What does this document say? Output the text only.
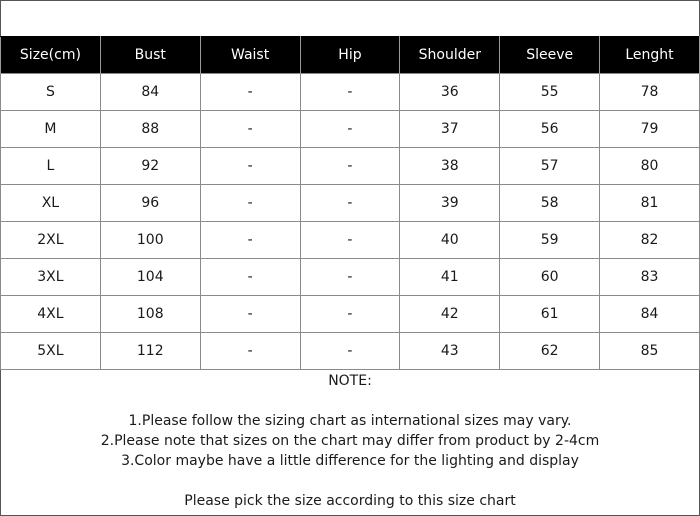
Size(cm)	Bust	Waist	Hip	Shoulder	Sleeve	Lenght
S	84	-	-	36	55	78
M	88	-	-	37	56	79
L	92	-	-	38	57	80
XL	96	-	-	39	58	81
2XL	100	-	-	40	59	82
3XL	104	-	-	41	60	83
4XL	108	-	-	42	61	84
5XL	112	-	-	43	62	85
NOTE:
1.Please follow the sizing chart as international sizes may vary.
2.Please note that sizes on the chart may differ from product by 2-4cm
3.Color maybe have a little difference for the lighting and display
Please pick the size according to this size chart
